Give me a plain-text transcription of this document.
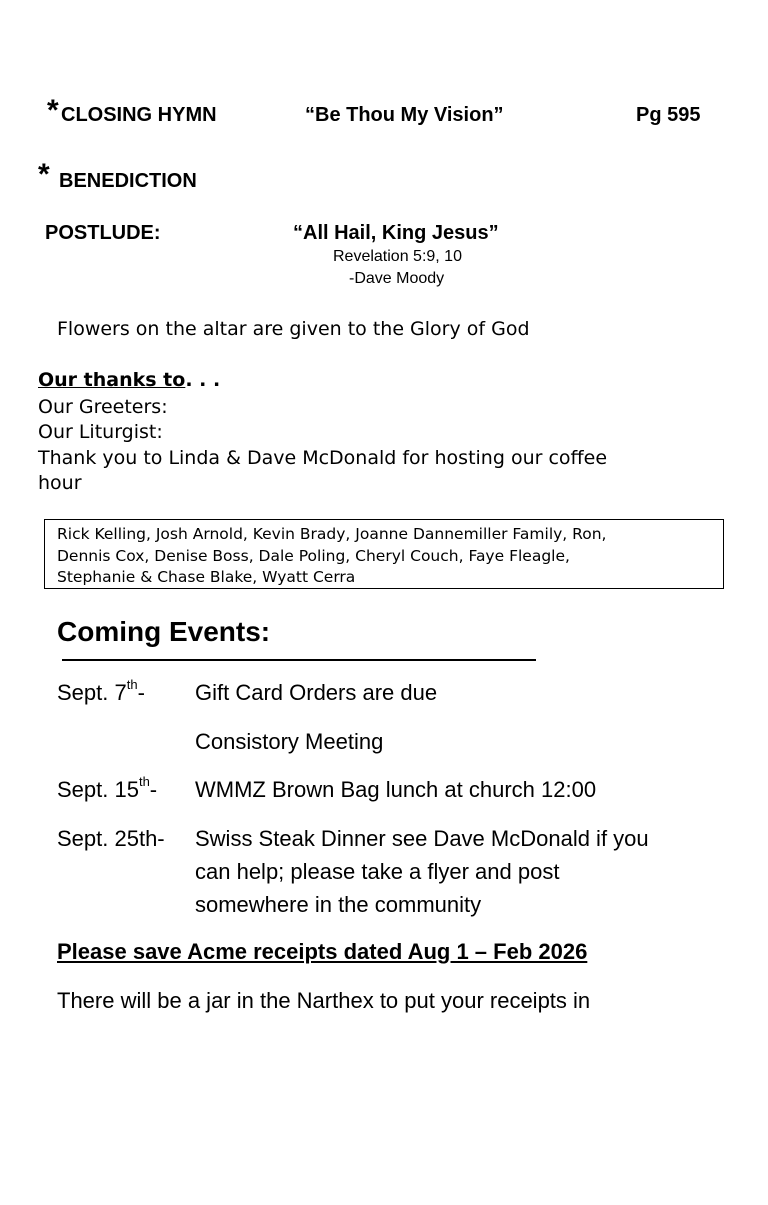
* CLOSING HYMN	“Be Thou My Vision”	Pg 595
* BENEDICTION
POSTLUDE:	“All Hail, King Jesus”
Revelation 5:9, 10
-Dave Moody
Flowers on the altar are given to the Glory of God
Our thanks to. . .
Our Greeters:
Our Liturgist:
Thank you to Linda & Dave McDonald for hosting our coffee
hour
Rick Kelling, Josh Arnold, Kevin Brady, Joanne Dannemiller Family, Ron,
Dennis Cox, Denise Boss, Dale Poling, Cheryl Couch, Faye Fleagle,
Stephanie & Chase Blake, Wyatt Cerra
Coming Events:
Sept. 7th- Gift Card Orders are due
Consistory Meeting
Sept. 15th- WMMZ Brown Bag lunch at church 12:00
Sept. 25th- Swiss Steak Dinner see Dave McDonald if you
can help; please take a flyer and post
somewhere in the community
Please save Acme receipts dated Aug 1 – Feb 2026
There will be a jar in the Narthex to put your receipts in
